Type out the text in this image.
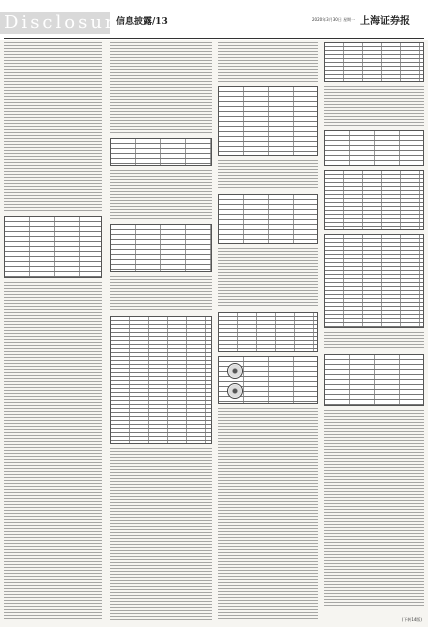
Disclosure
信息披露/13	2020年3月30日 星期一 上海证券报
(下转14版)
